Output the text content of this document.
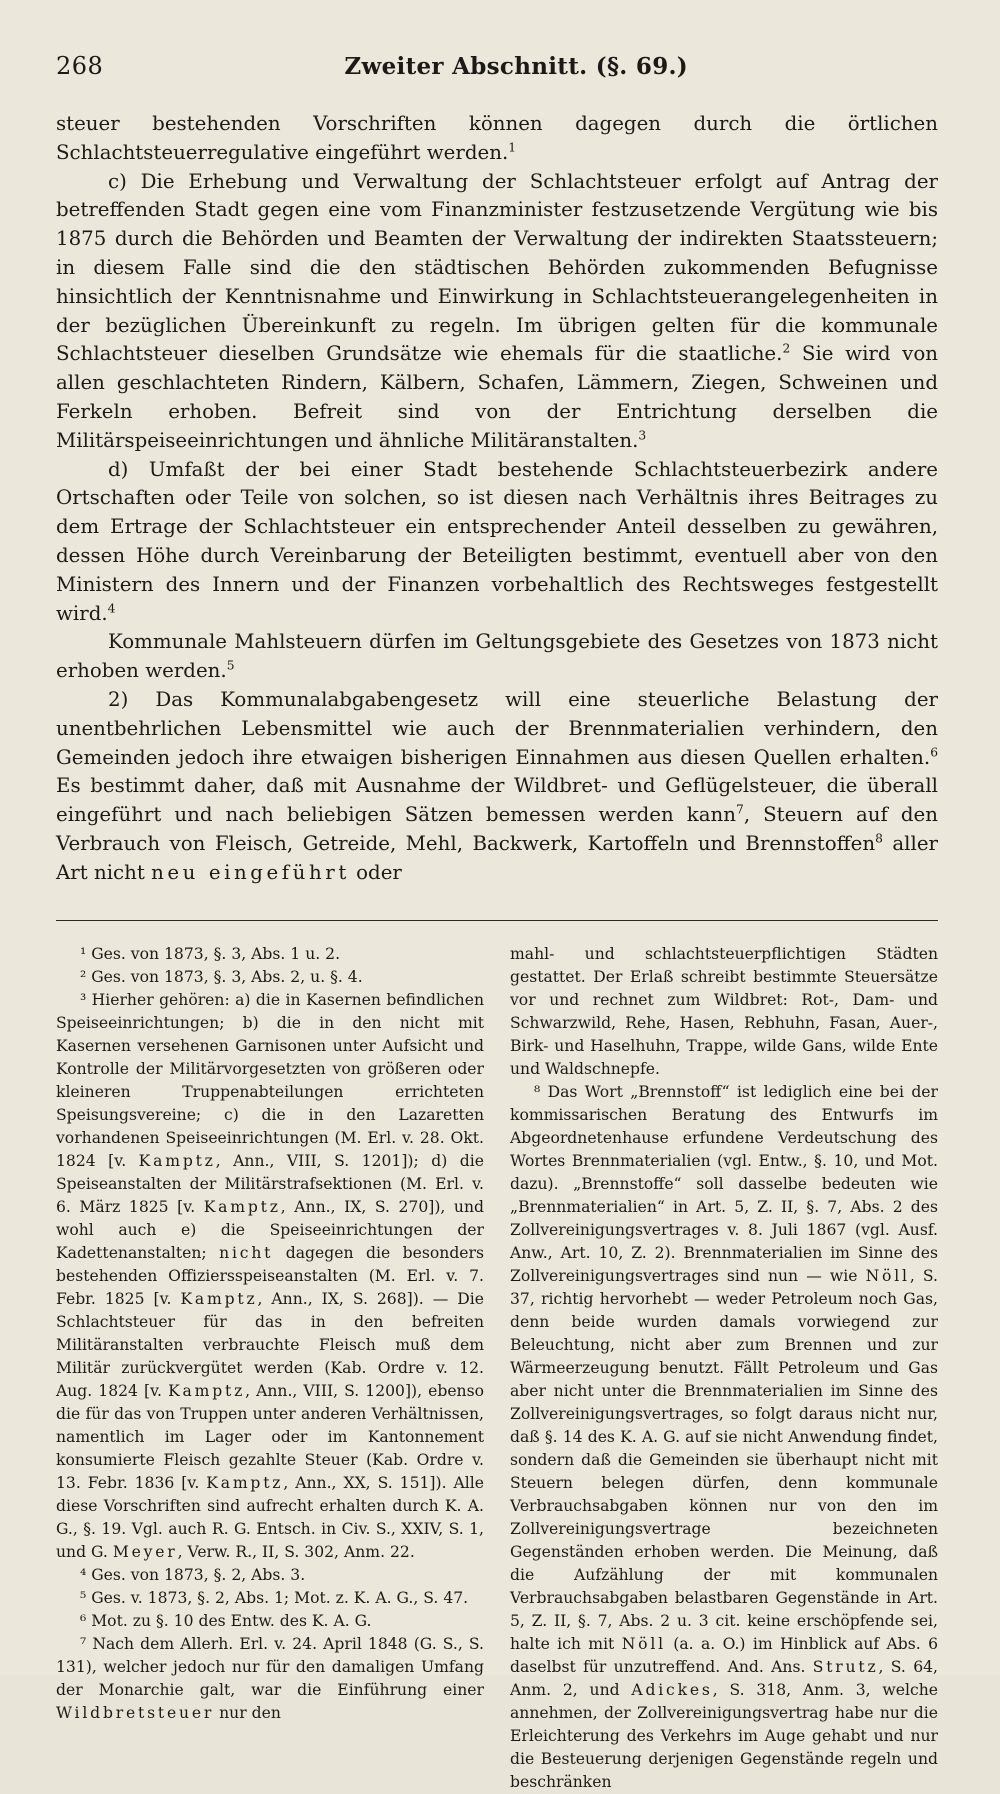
268	Zweiter Abschnitt. (§. 69.)

steuer bestehenden Vorschriften können dagegen durch die örtlichen Schlachtsteuerregulative eingeführt werden.$^1$

c) Die Erhebung und Verwaltung der Schlachtsteuer erfolgt auf Antrag der betreffenden Stadt gegen eine vom Finanzminister festzusetzende Vergütung wie bis 1875 durch die Behörden und Beamten der Verwaltung der indirekten Staatssteuern; in diesem Falle sind die den städtischen Behörden zukommenden Befugnisse hinsichtlich der Kenntnisnahme und Einwirkung in Schlachtsteuerangelegenheiten in der bezüglichen Übereinkunft zu regeln. Im übrigen gelten für die kommunale Schlachtsteuer dieselben Grundsätze wie ehemals für die staatliche.$^2$ Sie wird von allen geschlachteten Rindern, Kälbern, Schafen, Lämmern, Ziegen, Schweinen und Ferkeln erhoben. Befreit sind von der Entrichtung derselben die Militärspeiseeinrichtungen und ähnliche Militäranstalten.$^3$

d) Umfaßt der bei einer Stadt bestehende Schlachtsteuerbezirk andere Ortschaften oder Teile von solchen, so ist diesen nach Verhältnis ihres Beitrages zu dem Ertrage der Schlachtsteuer ein entsprechender Anteil desselben zu gewähren, dessen Höhe durch Vereinbarung der Beteiligten bestimmt, eventuell aber von den Ministern des Innern und der Finanzen vorbehaltlich des Rechtsweges festgestellt wird.$^4$

Kommunale Mahlsteuern dürfen im Geltungsgebiete des Gesetzes von 1873 nicht erhoben werden.$^5$

2) Das Kommunalabgabengesetz will eine steuerliche Belastung der unentbehrlichen Lebensmittel wie auch der Brennmaterialien verhindern, den Gemeinden jedoch ihre etwaigen bisherigen Einnahmen aus diesen Quellen erhalten.$^6$ Es bestimmt daher, daß mit Ausnahme der Wildbret- und Geflügelsteuer, die überall eingeführt und nach beliebigen Sätzen bemessen werden kann$^7$, Steuern auf den Verbrauch von Fleisch, Getreide, Mehl, Backwerk, Kartoffeln und Brennstoffen$^8$ aller Art nicht neu eingeführt oder

¹ Ges. von 1873, §. 3, Abs. 1 u. 2.

² Ges. von 1873, §. 3, Abs. 2, u. §. 4.

³ Hierher gehören: a) die in Kasernen befindlichen Speiseeinrichtungen; b) die in den nicht mit Kasernen versehenen Garnisonen unter Aufsicht und Kontrolle der Militärvorgesetzten von größeren oder kleineren Truppenabteilungen errichteten Speisungsvereine; c) die in den Lazaretten vorhandenen Speiseeinrichtungen (M. Erl. v. 28. Okt. 1824 [v. Kamptz, Ann., VIII, S. 1201]); d) die Speiseanstalten der Militärstrafsektionen (M. Erl. v. 6. März 1825 [v. Kamptz, Ann., IX, S. 270]), und wohl auch e) die Speiseeinrichtungen der Kadettenanstalten; nicht dagegen die besonders bestehenden Offiziersspeiseanstalten (M. Erl. v. 7. Febr. 1825 [v. Kamptz, Ann., IX, S. 268]). — Die Schlachtsteuer für das in den befreiten Militäranstalten verbrauchte Fleisch muß dem Militär zurückvergütet werden (Kab. Ordre v. 12. Aug. 1824 [v. Kamptz, Ann., VIII, S. 1200]), ebenso die für das von Truppen unter anderen Verhältnissen, namentlich im Lager oder im Kantonnement konsumierte Fleisch gezahlte Steuer (Kab. Ordre v. 13. Febr. 1836 [v. Kamptz, Ann., XX, S. 151]). Alle diese Vorschriften sind aufrecht erhalten durch K. A. G., §. 19. Vgl. auch R. G. Entsch. in Civ. S., XXIV, S. 1, und G. Meyer, Verw. R., II, S. 302, Anm. 22.

⁴ Ges. von 1873, §. 2, Abs. 3.

⁵ Ges. v. 1873, §. 2, Abs. 1; Mot. z. K. A. G., S. 47.

⁶ Mot. zu §. 10 des Entw. des K. A. G.

⁷ Nach dem Allerh. Erl. v. 24. April 1848 (G. S., S. 131), welcher jedoch nur für den damaligen Umfang der Monarchie galt, war die Einführung einer Wildbretsteuer nur den

mahl- und schlachtsteuerpflichtigen Städten gestattet. Der Erlaß schreibt bestimmte Steuersätze vor und rechnet zum Wildbret: Rot-, Dam- und Schwarzwild, Rehe, Hasen, Rebhuhn, Fasan, Auer-, Birk- und Haselhuhn, Trappe, wilde Gans, wilde Ente und Waldschnepfe.

⁸ Das Wort „Brennstoff“ ist lediglich eine bei der kommissarischen Beratung des Entwurfs im Abgeordnetenhause erfundene Verdeutschung des Wortes Brennmaterialien (vgl. Entw., §. 10, und Mot. dazu). „Brennstoffe“ soll dasselbe bedeuten wie „Brennmaterialien“ in Art. 5, Z. II, §. 7, Abs. 2 des Zollvereinigungsvertrages v. 8. Juli 1867 (vgl. Ausf. Anw., Art. 10, Z. 2). Brennmaterialien im Sinne des Zollvereinigungsvertrages sind nun — wie Nöll, S. 37, richtig hervorhebt — weder Petroleum noch Gas, denn beide wurden damals vorwiegend zur Beleuchtung, nicht aber zum Brennen und zur Wärmeerzeugung benutzt. Fällt Petroleum und Gas aber nicht unter die Brennmaterialien im Sinne des Zollvereinigungsvertrages, so folgt daraus nicht nur, daß §. 14 des K. A. G. auf sie nicht Anwendung findet, sondern daß die Gemeinden sie überhaupt nicht mit Steuern belegen dürfen, denn kommunale Verbrauchsabgaben können nur von den im Zollvereinigungsvertrage bezeichneten Gegenständen erhoben werden. Die Meinung, daß die Aufzählung der mit kommunalen Verbrauchsabgaben belastbaren Gegenstände in Art. 5, Z. II, §. 7, Abs. 2 u. 3 cit. keine erschöpfende sei, halte ich mit Nöll (a. a. O.) im Hinblick auf Abs. 6 daselbst für unzutreffend. And. Ans. Strutz, S. 64, Anm. 2, und Adickes, S. 318, Anm. 3, welche annehmen, der Zollvereinigungsvertrag habe nur die Erleichterung des Verkehrs im Auge gehabt und nur die Besteuerung derjenigen Gegenstände regeln und beschränken
